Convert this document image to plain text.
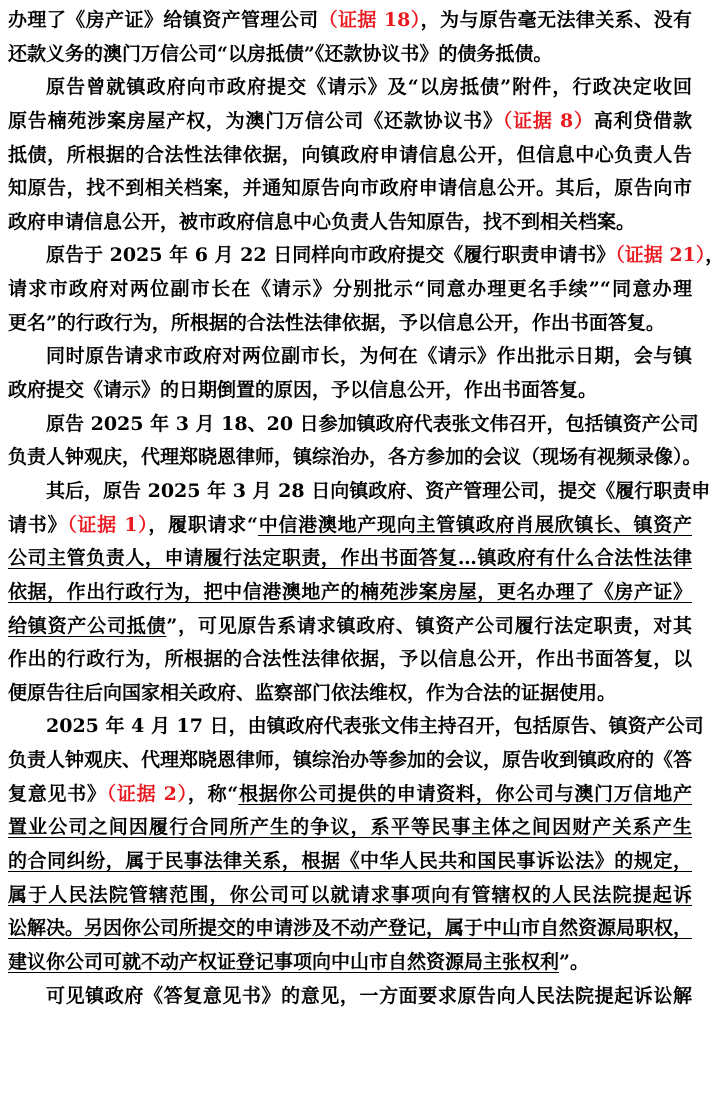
办理了《房产证》给镇资产管理公司（证据 18），为与原告毫无法律关系、没有
还款义务的澳门万信公司“以房抵债”《还款协议书》的债务抵债。
原告曾就镇政府向市政府提交《请示》及“以房抵债”附件，行政决定收回
原告楠苑涉案房屋产权，为澳门万信公司《还款协议书》（证据 8）高利贷借款
抵债，所根据的合法性法律依据，向镇政府申请信息公开，但信息中心负责人告
知原告，找不到相关档案，并通知原告向市政府申请信息公开。其后，原告向市
政府申请信息公开，被市政府信息中心负责人告知原告，找不到相关档案。
原告于 2025 年 6 月 22 日同样向市政府提交《履行职责申请书》（证据 21），
请求市政府对两位副市长在《请示》分别批示“同意办理更名手续”“同意办理
更名”的行政行为，所根据的合法性法律依据，予以信息公开，作出书面答复。
同时原告请求市政府对两位副市长，为何在《请示》作出批示日期，会与镇
政府提交《请示》的日期倒置的原因，予以信息公开，作出书面答复。
原告 2025 年 3 月 18、20 日参加镇政府代表张文伟召开，包括镇资产公司
负责人钟观庆，代理郑晓恩律师，镇综治办，各方参加的会议（现场有视频录像）。
其后，原告 2025 年 3 月 28 日向镇政府、资产管理公司，提交《履行职责申
请书》（证据 1），履职请求“中信港澳地产现向主管镇政府肖展欣镇长、镇资产
公司主管负责人，申请履行法定职责，作出书面答复…镇政府有什么合法性法律
依据，作出行政行为，把中信港澳地产的楠苑涉案房屋，更名办理了《房产证》
给镇资产公司抵债”，可见原告系请求镇政府、镇资产公司履行法定职责，对其
作出的行政行为，所根据的合法性法律依据，予以信息公开，作出书面答复，以
便原告往后向国家相关政府、监察部门依法维权，作为合法的证据使用。
2025 年 4 月 17 日，由镇政府代表张文伟主持召开，包括原告、镇资产公司
负责人钟观庆、代理郑晓恩律师，镇综治办等参加的会议，原告收到镇政府的《答
复意见书》（证据 2），称“根据你公司提供的申请资料，你公司与澳门万信地产
置业公司之间因履行合同所产生的争议，系平等民事主体之间因财产关系产生
的合同纠纷，属于民事法律关系，根据《中华人民共和国民事诉讼法》的规定，
属于人民法院管辖范围，你公司可以就请求事项向有管辖权的人民法院提起诉
讼解决。另因你公司所提交的申请涉及不动产登记，属于中山市自然资源局职权，
建议你公司可就不动产权证登记事项向中山市自然资源局主张权利”。
可见镇政府《答复意见书》的意见，一方面要求原告向人民法院提起诉讼解
